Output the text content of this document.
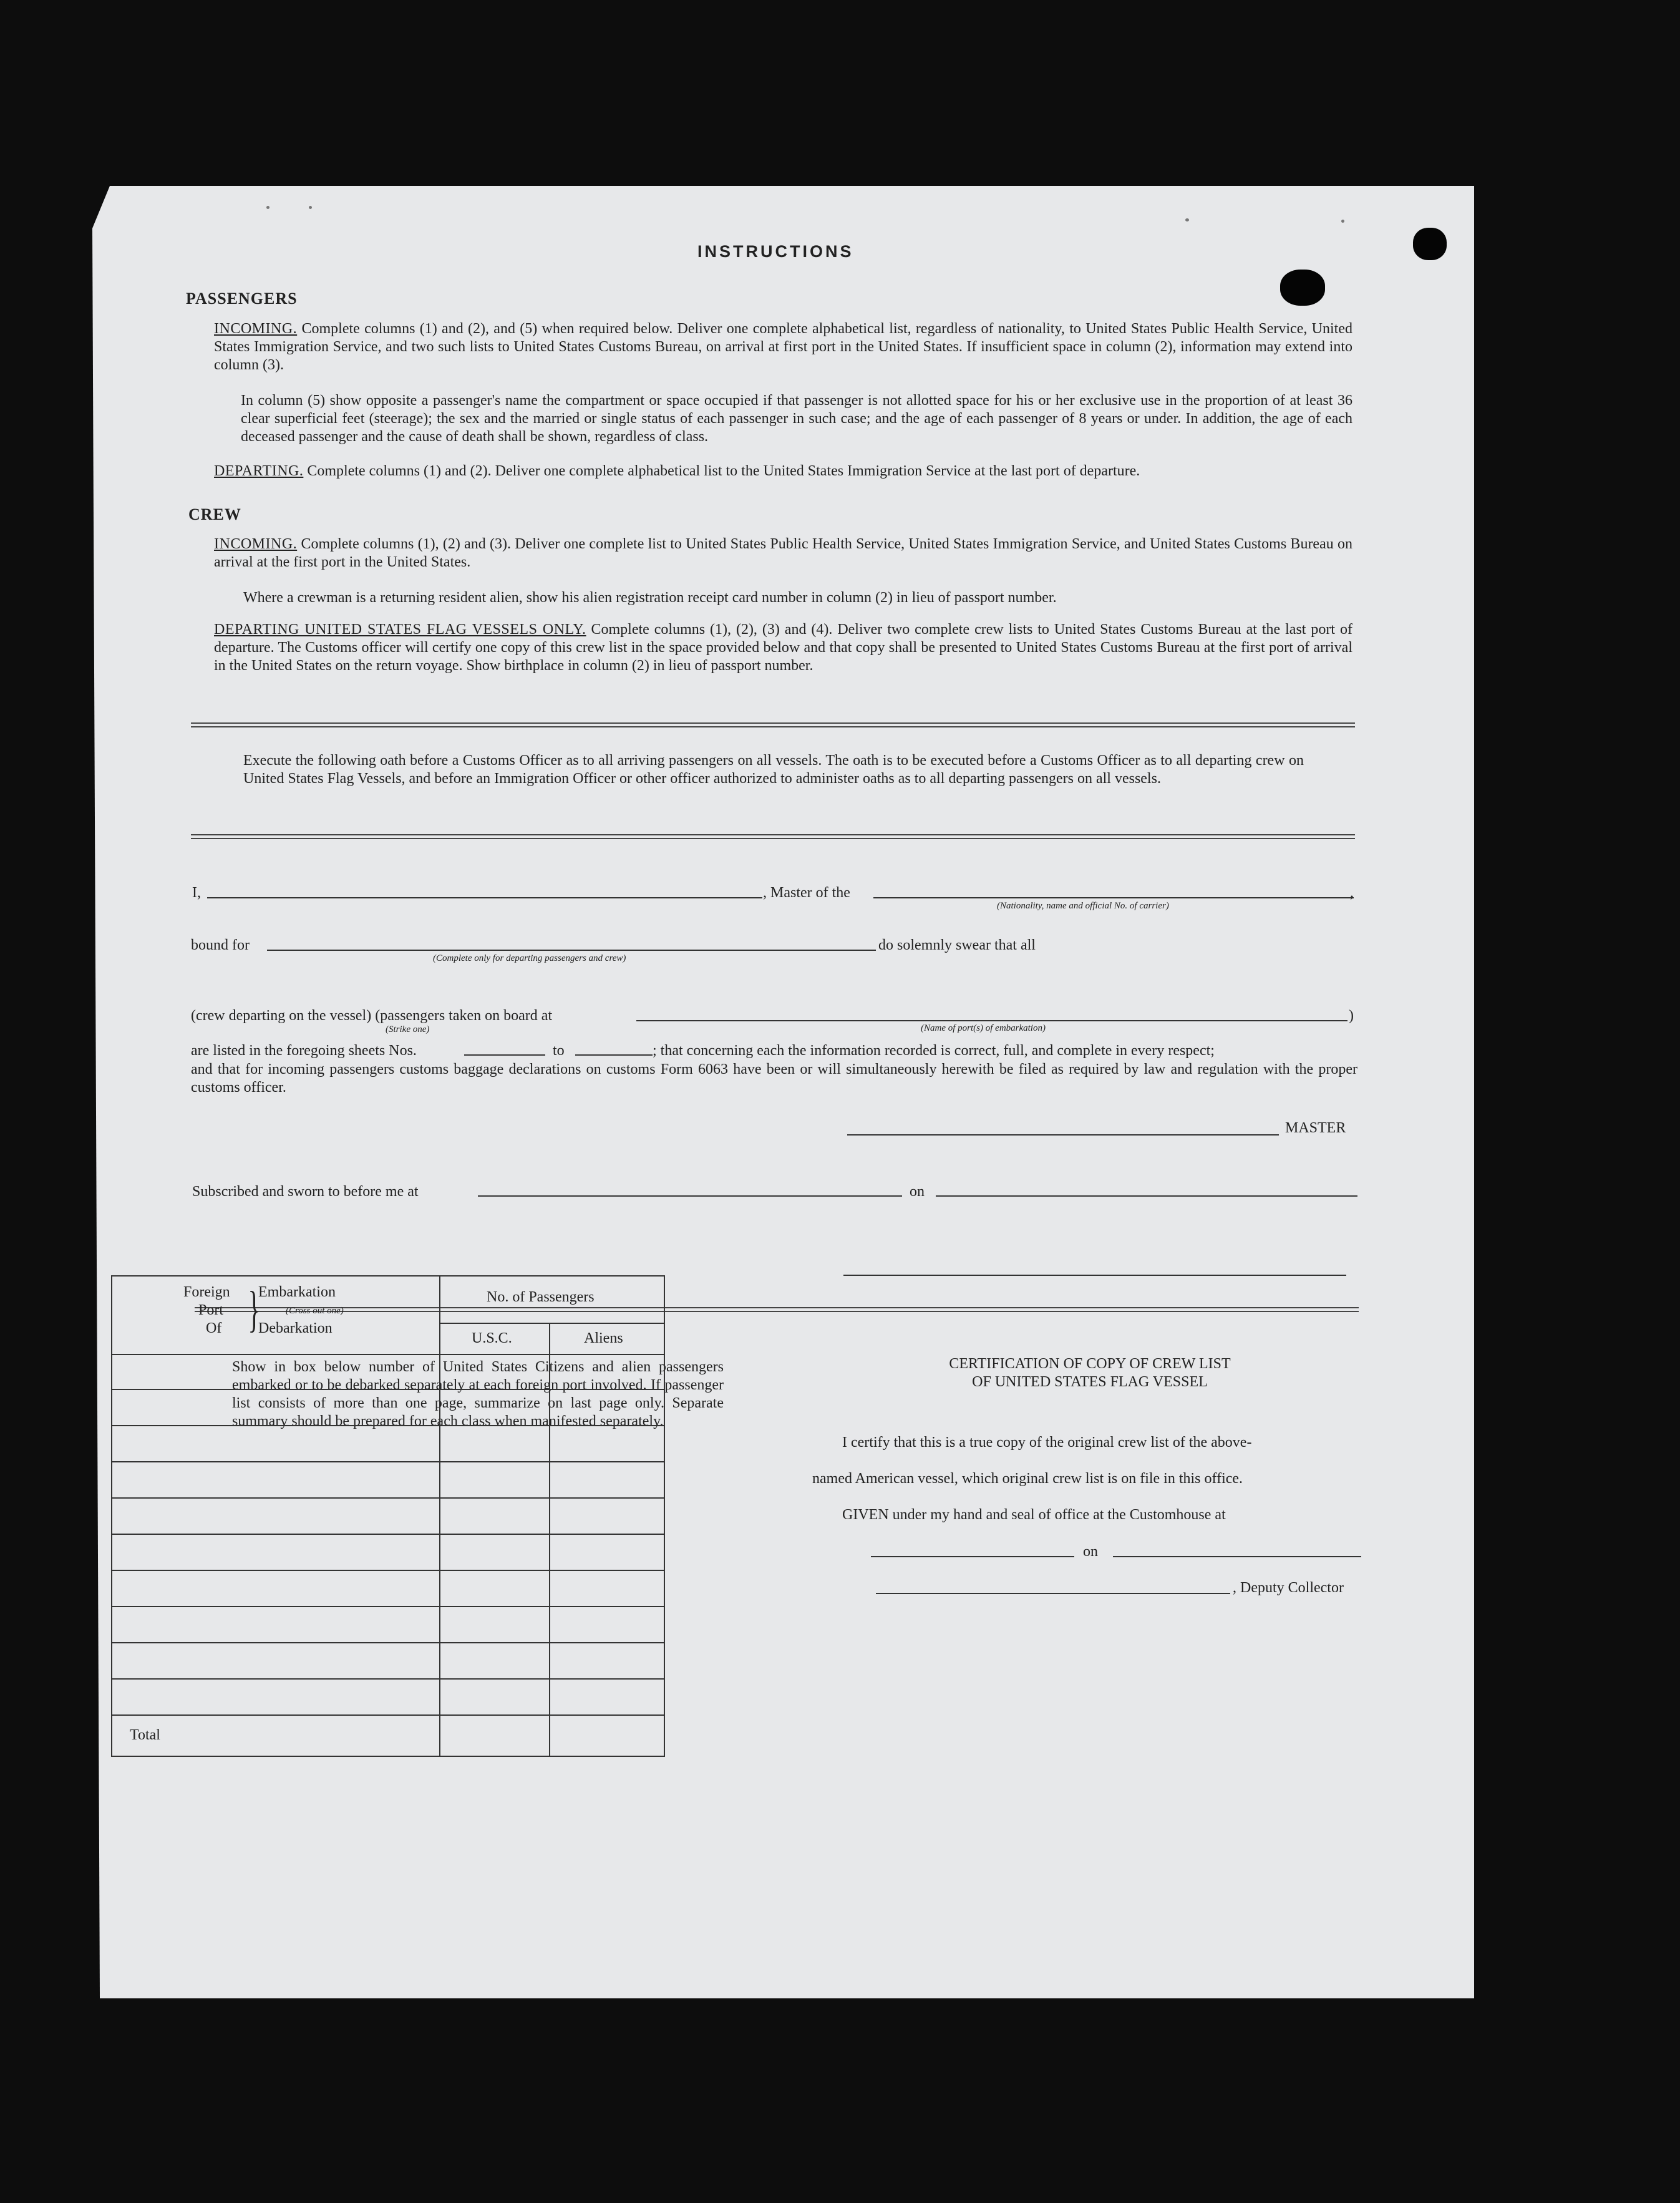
INSTRUCTIONS
PASSENGERS
INCOMING. Complete columns (1) and (2), and (5) when required below. Deliver one complete alphabetical list, regardless of nationality, to United States Public Health Service, United States Immigration Service, and two such lists to United States Customs Bureau, on arrival at first port in the United States. If insufficient space in column (2), information may extend into column (3).
In column (5) show opposite a passenger's name the compartment or space occupied if that passenger is not allotted space for his or her exclusive use in the proportion of at least 36 clear superficial feet (steerage); the sex and the married or single status of each passenger in such case; and the age of each passenger of 8 years or under. In addition, the age of each deceased passenger and the cause of death shall be shown, regardless of class.
DEPARTING. Complete columns (1) and (2). Deliver one complete alphabetical list to the United States Immigration Service at the last port of departure.
CREW
INCOMING. Complete columns (1), (2) and (3). Deliver one complete list to United States Public Health Service, United States Immigration Service, and United States Customs Bureau on arrival at the first port in the United States.
Where a crewman is a returning resident alien, show his alien registration receipt card number in column (2) in lieu of passport number.
DEPARTING UNITED STATES FLAG VESSELS ONLY. Complete columns (1), (2), (3) and (4). Deliver two complete crew lists to United States Customs Bureau at the last port of departure. The Customs officer will certify one copy of this crew list in the space provided below and that copy shall be presented to United States Customs Bureau at the first port of arrival in the United States on the return voyage. Show birthplace in column (2) in lieu of passport number.
Execute the following oath before a Customs Officer as to all arriving passengers on all vessels. The oath is to be executed before a Customs Officer as to all departing crew on United States Flag Vessels, and before an Immigration Officer or other officer authorized to administer oaths as to all departing passengers on all vessels.
I,	, Master of the	,
(Nationality, name and official No. of carrier)
bound for	do solemnly swear that all
(Complete only for departing passengers and crew)
(crew departing on the vessel) (passengers taken on board at	)
(Strike one)	(Name of port(s) of embarkation)
are listed in the foregoing sheets Nos.	to	; that concerning each the information recorded is correct, full, and complete in every respect;
and that for incoming passengers customs baggage declarations on customs Form 6063 have been or will simultaneously herewith be filed as required by law and regulation with the proper customs officer.
MASTER
Subscribed and sworn to before me at	on
Show in box below number of United States Citizens and alien passengers embarked or to be debarked separately at each foreign port involved. If passenger list consists of more than one page, summarize on last page only. Separate summary should be prepared for each class when manifested separately.
Foreign
Port
Of }
Embarkation
(Cross out one)
Debarkation
No. of Passengers
U.S.C.	Aliens
Total
CERTIFICATION OF COPY OF CREW LIST
OF UNITED STATES FLAG VESSEL
I certify that this is a true copy of the original crew list of the above-
named American vessel, which original crew list is on file in this office.
GIVEN under my hand and seal of office at the Customhouse at
on
, Deputy Collector
